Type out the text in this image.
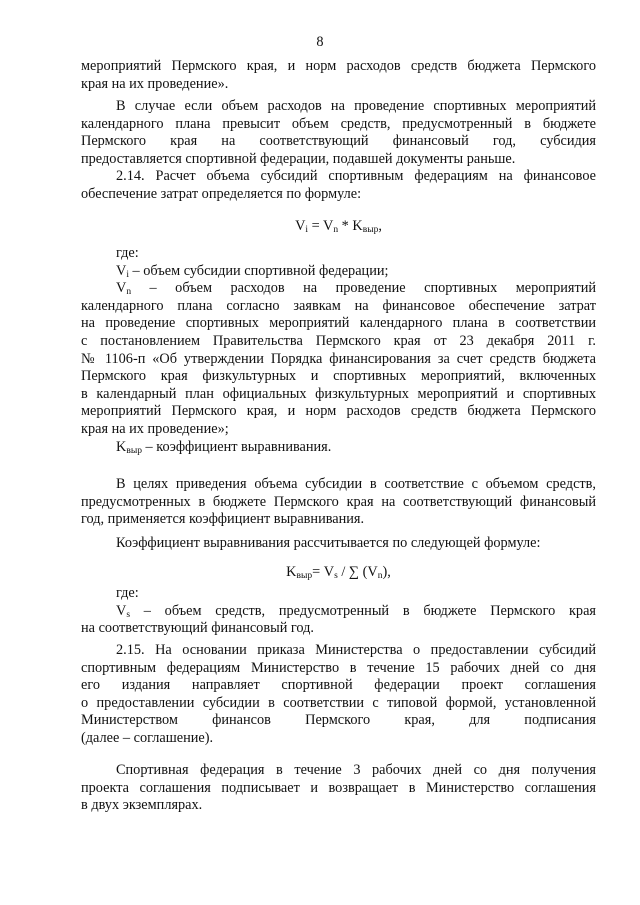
8
мероприятий Пермского края, и норм расходов средств бюджета Пермского
края на их проведение».
В случае если объем расходов на проведение спортивных мероприятий
календарного плана превысит объем средств, предусмотренный в бюджете
Пермского края на соответствующий финансовый год, субсидия
предоставляется спортивной федерации, подавшей документы раньше.
2.14. Расчет объема субсидий спортивным федерациям на финансовое
обеспечение затрат определяется по формуле:
$V_i = V_n * K_{выр}$,
где:
$V_i$ – объем субсидии спортивной федерации;
$V_n$ – объем расходов на проведение спортивных мероприятий
календарного плана согласно заявкам на финансовое обеспечение затрат
на проведение спортивных мероприятий календарного плана в соответствии
с постановлением Правительства Пермского края от 23 декабря 2011 г.
№ 1106-п «Об утверждении Порядка финансирования за счет средств бюджета
Пермского края физкультурных и спортивных мероприятий, включенных
в календарный план официальных физкультурных мероприятий и спортивных
мероприятий Пермского края, и норм расходов средств бюджета Пермского
края на их проведение»;
$K_{выр}$ – коэффициент выравнивания.
В целях приведения объема субсидии в соответствие с объемом средств,
предусмотренных в бюджете Пермского края на соответствующий финансовый
год, применяется коэффициент выравнивания.
Коэффициент выравнивания рассчитывается по следующей формуле:
$K_{выр}= V_s$ / ∑ $(V_n)$,
где:
$V_s$ – объем средств, предусмотренный в бюджете Пермского края
на соответствующий финансовый год.
2.15. На основании приказа Министерства о предоставлении субсидий
спортивным федерациям Министерство в течение 15 рабочих дней со дня
его издания направляет спортивной федерации проект соглашения
о предоставлении субсидии в соответствии с типовой формой, установленной
Министерством финансов Пермского края, для подписания
(далее – соглашение).
Спортивная федерация в течение 3 рабочих дней со дня получения
проекта соглашения подписывает и возвращает в Министерство соглашения
в двух экземплярах.
